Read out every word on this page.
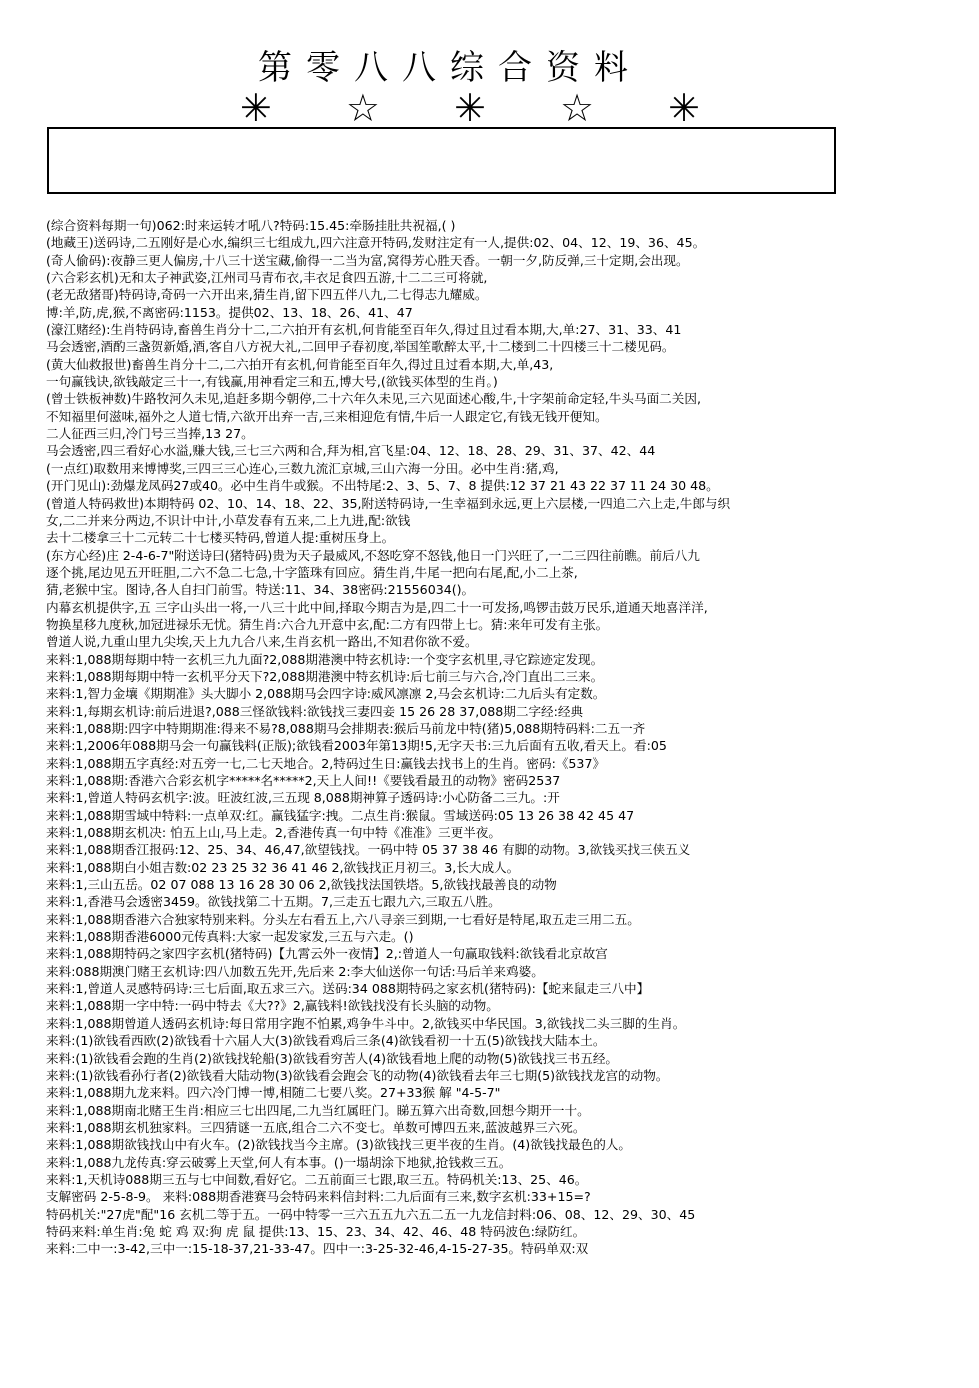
第零八八综合资料
✳ ☆ ✳ ☆ ✳
(综合资料每期一句)062:时来运转才吼八?特码:15.45:牵肠挂肚共祝福,( )
(地藏王)送码诗,二五刚好是心水,编织三七组成九,四六注意开特码,发财注定有一人,提供:02、04、12、19、36、45。
(奇人偷码):夜静三更人偏房,十八三十送宝藏,偷得一二当为富,窝得芳心胜天香。一朝一夕,防反弹,三十定期,会出现。
(六合彩玄机)无和太子神武姿,江州司马青布衣,丰衣足食四五游,十二二三可将就,
(老无敌猪哥)特码诗,奇码一六开出来,猜生肖,留下四五伴八九,二七得志九耀威。
博:羊,防,虎,猴,不离密码:1153。提供02、13、18、26、41、47
(濠江赌经):生肖特码诗,畜兽生肖分十二,二六拍开有玄机,何肯能至百年久,得过且过看本期,大,单:27、31、33、41
马会透密,酒酌三盏贺新婚,酒,客自八方祝大礼,二回甲子春初度,举国笙歌醉太平,十二楼到二十四楼三十二楼见码。
(黄大仙救报世)畜兽生肖分十二,二六拍开有玄机,何肯能至百年久,得过且过看本期,大,单,43,
一句赢钱诀,欲钱敲定三十一,有钱赢,用神看定三和五,博大号,(欲钱买体型的生肖。)
(曾士铁板神数)牛路牧河久未见,追赶多期今朝停,二十六年久未见,三六见面述心酸,牛,十字架前命定轻,牛头马面二关因,
不知福里何滋味,福外之人道七情,六欲开出弃一吉,三来相迎危有情,牛后一人跟定它,有钱无钱开便知。
二人征西三归,冷门号三当捧,13 27。
马会透密,四三看好心水溢,赚大钱,三七三六两和合,拜为相,宫飞星:04、12、18、28、29、31、37、42、44
(一点红)取数用来博博奖,三四三三心连心,三数九流汇京城,三山六海一分田。必中生肖:猪,鸡,
(开门见山):劲爆龙凤码27或40。必中生肖牛或猴。不出特尾:2、3、5、7、8 提供:12 37 21 43 22 37 11 24 30 48。
(曾道人特码救世)本期特码 02、10、14、18、22、35,附送特码诗,一生幸福到永远,更上六层楼,一四追二六上走,牛郎与织
女,二二并来分两边,不识计中计,小草发春有五来,二上九进,配:欲钱
去十二楼拿三十二元转二十七楼买特码,曾道人提:重树压身上。
(东方心经)庄 2-4-6-7"附送诗曰(猪特码)贵为天子最威风,不怒吃穿不怒钱,他日一门兴旺了,一二三四往前瞧。前后八九
逐个挑,尾边见五开旺胆,二六不急二七急,十字篮珠有回应。猜生肖,牛尾一把向右尾,配,小二上茶,
猜,老猴中宝。图诗,各人自扫门前雪。特送:11、34、38密码:21556034()。
内幕玄机提供字,五 三字山头出一将,一八三十此中间,择取今期吉为是,四二十一可发扬,鸣锣击鼓万民乐,道通天地喜洋洋,
物换星移九度秋,加冠进禄乐无忧。猜生肖:六合九开意中玄,配:二方有四带上七。猜:来年可发有主张。
曾道人说,九重山里九尖埃,天上九九合八来,生肖玄机一路出,不知君你欲不爱。
来料:1,088期每期中特一玄机三九九面?2,088期港澳中特玄机诗:一个变字玄机里,寻它踪迹定发现。
来料:1,088期每期中特一玄机平分天下?2,088期港澳中特玄机诗:后七前三与六合,冷门直出二三来。
来料:1,智力金壤《期期准》头大脚小 2,088期马会四字诗:威风凛凛 2,马会玄机诗:二九后头有定数。
来料:1,每期玄机诗:前后进退?,088三怪欲钱料:欲钱找三妻四妾 15 26 28 37,088期二字经:经典
来料:1,088期:四字中特期期准:得来不易?8,088期马会排期表:猴后马前龙中特(猪)5,088期特码料:二五一齐
来料:1,2006年088期马会一句赢钱料(正版);欲钱看2003年第13期!5,无字天书:三九后面有五收,看天上。看:05
来料:1,088期五字真经:对五旁一七,二七天地合。2,特码过生日:赢钱去找书上的生肖。密码:《537》
来料:1,088期:香港六合彩玄机字*****名*****2,天上人间!!《要钱看最丑的动物》密码2537
来料:1,曾道人特码玄机字:波。旺波红波,三五现 8,088期神算子透码诗:小心防备二三九。:开
来料:1,088期雪域中特料:一点单双:红。赢钱猛字:拽。二点生肖:猴鼠。雪域送码:05 13 26 38 42 45 47
来料:1,088期玄机决: 怕五上山,马上走。2,香港传真一句中特《准准》三更半夜。
来料:1,088期香江报码:12、25、34、46,47,欲望钱找。一码中特 05 37 38 46 有脚的动物。3,欲钱买找三侠五义
来料:1,088期白小姐吉数:02 23 25 32 36 41 46 2,欲钱找正月初三。3,长大成人。
来料:1,三山五岳。02 07 088 13 16 28 30 06 2,欲钱找法国铁塔。5,欲钱找最善良的动物
来料:1,香港马会透密3459。欲钱找第二十五期。7,三走五七跟九六,三取五八胜。
来料:1,088期香港六合独家特别来料。分头左右看五上,六八寻亲三到期,一七看好是特尾,取五走三用二五。
来料:1,088期香港6000元传真料:大家一起发家发,三五与六走。()
来料:1,088期特码之家四字玄机(猪特码)【九霄云外一夜情】2,:曾道人一句赢取钱料:欲钱看北京故宫
来料:088期澳门赌王玄机诗:四八加数五先开,先后来 2:李大仙送你一句话:马后羊来鸡婆。
来料:1,曾道人灵感特码诗:三七后面,取五求三六。送码:34 088期特码之家玄机(猪特码):【蛇来鼠走三八中】
来料:1,088期一字中特:一码中特去《大??》2,赢钱料!欲钱找没有长头脑的动物。
来料:1,088期曾道人透码玄机诗:每日常用字跑不怕累,鸡争牛斗中。2,欲钱买中华民国。3,欲钱找二头三脚的生肖。
来料:(1)欲钱看西欧(2)欲钱看十六届人大(3)欲钱看鸡后三条(4)欲钱看初一十五(5)欲钱找大陆本土。
来料:(1)欲钱看会跑的生肖(2)欲钱找轮船(3)欲钱看穷苦人(4)欲钱看地上爬的动物(5)欲钱找三书五经。
来料:(1)欲钱看孙行者(2)欲钱看大陆动物(3)欲钱看会跑会飞的动物(4)欲钱看去年三七期(5)欲钱找龙宫的动物。
来料:1,088期九龙来料。四六冷门博一博,相随二七要八奖。27+33猴 解 "4-5-7"
来料:1,088期南北赌王生肖:相应三七出四尾,二九当红属旺门。睇五算六出奇数,回想今期开一十。
来料:1,088期玄机独家料。三四猜谜一五底,组合二六不变七。单数可博四五来,蓝波越界三六死。
来料:1,088期欲钱找山中有火车。(2)欲钱找当今主席。(3)欲钱找三更半夜的生肖。(4)欲钱找最色的人。
来料:1,088九龙传真:穿云破雾上天堂,何人有本事。()一塌胡涂下地狱,抢钱救三五。
来料:1,天机诗088期三五与七中间数,看好它。二五前面三七跟,取三五。特码机关:13、25、46。
支解密码 2-5-8-9。 来料:088期香港赛马会特码来料信封料:二九后面有三来,数字玄机:33+15=?
特码机关:"27虎"配"16 玄机二等于五。一码中特零一三六五五九六五二五一九龙信封料:06、08、12、29、30、45
特码来料:单生肖:兔 蛇 鸡 双:狗 虎 鼠 提供:13、15、23、34、42、46、48 特码波色:绿防红。
来料:二中一:3-42,三中一:15-18-37,21-33-47。四中一:3-25-32-46,4-15-27-35。特码单双:双
